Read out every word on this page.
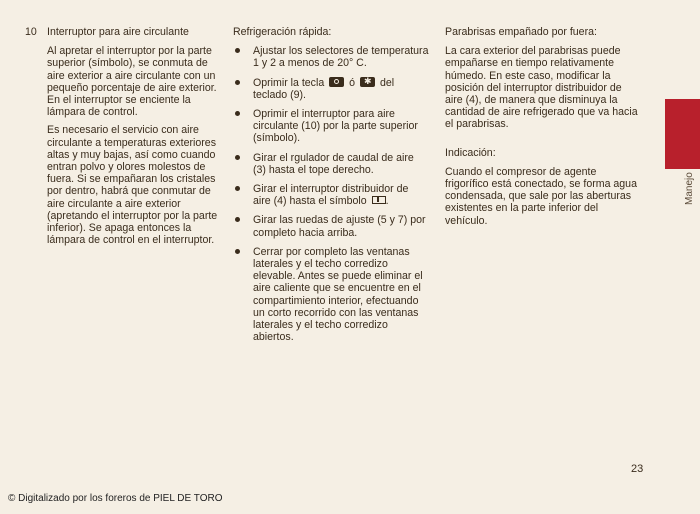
10 Interruptor para aire circulante

Al apretar el interruptor por la parte superior (símbolo), se conmuta de aire exterior a aire circulante con un pequeño porcentaje de aire exterior. En el interruptor se enciente la lámpara de control.

Es necesario el servicio con aire circulante a temperaturas exteriores altas y muy bajas, así como cuando entran polvo y olores molestos de fuera. Si se empañaran los cristales por dentro, habrá que conmutar de aire circulante a aire exterior (apretando el interruptor por la parte inferior). Se apaga entonces la lámpara de control en el interruptor.

Refrigeración rápida:
Ajustar los selectores de temperatura 1 y 2 a menos de 20° C.
Oprimir la tecla ó ✱ del teclado (9).
Oprimir el interruptor para aire circulante (10) por la parte superior (símbolo).
Girar el rgulador de caudal de aire (3) hasta el tope derecho.
Girar el interruptor distribuidor de aire (4) hasta el símbolo .
Girar las ruedas de ajuste (5 y 7) por completo hacia arriba.
Cerrar por completo las ventanas laterales y el techo corredizo elevable. Antes se puede eliminar el aire caliente que se encuentre en el compartimiento interior, efectuando un corto recorrido con las ventanas laterales y el techo corredizo abiertos.
Parabrisas empañado por fuera:

La cara exterior del parabrisas puede empañarse en tiempo relativamente húmedo. En este caso, modificar la posición del interruptor distribuidor de aire (4), de manera que disminuya la cantidad de aire refrigerado que va hacia el parabrisas.

Indicación:

Cuando el compresor de agente frigorífico está conectado, se forma agua condensada, que sale por las aberturas existentes en la parte inferior del vehículo.

Manejo
23
© Digitalizado por los foreros de PIEL DE TORO
